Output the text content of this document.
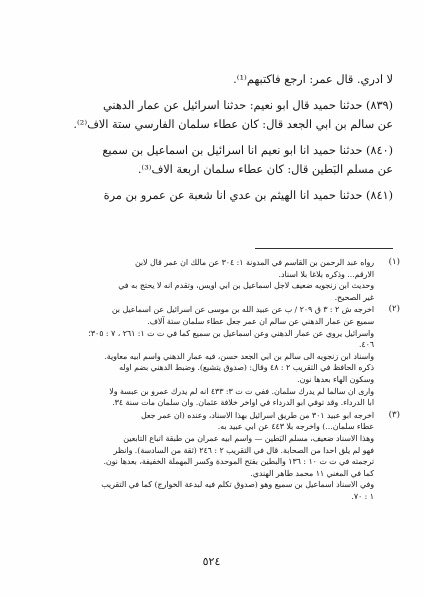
لا ادري. قال عمر: ارجع فاكتبهم⁽¹⁾.

(٨٣٩) حدثنا حميد قال ابو نعيم: حدثنا اسرائيل عن عمار الدهني

عن سالم بن ابي الجعد قال: كان عطاء سلمان الفارسي ستة الاف⁽²⁾.

(٨٤٠) حدثنا حميد انا ابو نعيم انا اسرائيل بن اسماعيل بن سميع

عن مسلم البَطين قال: كان عطاء سلمان اربعة الاف⁽³⁾.

(٨٤١) حدثنا حميد انا الهيثم بن عدي انا شعبة عن عمرو بن مرة

(١)
رواه عبد الرحمن بن القاسم في المدونة ١: ٣٠٤ عن مالك ان عمر قال لابن
الارقم... وذكره بلاغا بلا اسناد.
وحديث ابن زنجويه ضعيف لاجل اسماعيل بن ابي اويس، وتقدم انه لا يحتج به في
غير الصحيح.
(٢)
اخرجه ش ٢ : ٣ ق ٢٠٩ / ب عن عبيد الله بن موسى عن اسرائيل عن اسماعيل بن
سميع عن عمار الدهني عن سالم ان عمر جعل عطاء سلمان ستة آلاف.
واسرائيل يروي عن عمار الدهني وعن اسماعيل بن سميع كما في ت ت ١: ٢٦١ ، ٧ : ٣٠٥؛
٤٠٦.
واسناد ابن زنجويه الى سالم بن ابي الجعد حسن، فيه عمار الدهني واسم ابيه معاوية.
ذكره الحافظ في التقريب ٢ : ٤٨ وقال: (صدوق يتشيع). وضبط الدهني بضم اوله
وسكون الهاء بعدها نون.
وارى ان سالما لم يدرك سلمان. ففي ت ت ٣: ٤٣٣ انه لم يدرك عمرو بن عبسة ولا
ابا الدرداء. وقد توفي ابو الدرداء في اواخر خلافة عثمان. وان سلمان مات سنة ٣٤.
(٣)
اخرجه ابو عبيد ٣٠١ من طريق اسرائيل بهذا الاسناد، وعنده (ان عمر جعل
عطاء سلمان...) واخرجه بلا ٤٤٣ عن ابي عبيد به.
وهذا الاسناد ضعيف، مسلم البَطين — واسم ابيه عمران من طبقة اتباع التابعين
فهو لم يلق احدا من الصحابة. قال في التقريب ٢ : ٢٤٦ (ثقة من السادسة). وانظر
ترجمته في ت ت ١٠ : ١٣٦ والبطين بفتح الموحدة وكسر المهملة الخفيفة، بعدها نون.
كما في المغني ١١ محمد طاهر الهندي.
وفي الاسناد اسماعيل بن سميع وهو (صدوق تكلم فيه لبدعة الخوارج) كما في التقريب
١ : ٧٠.
٥٢٤
